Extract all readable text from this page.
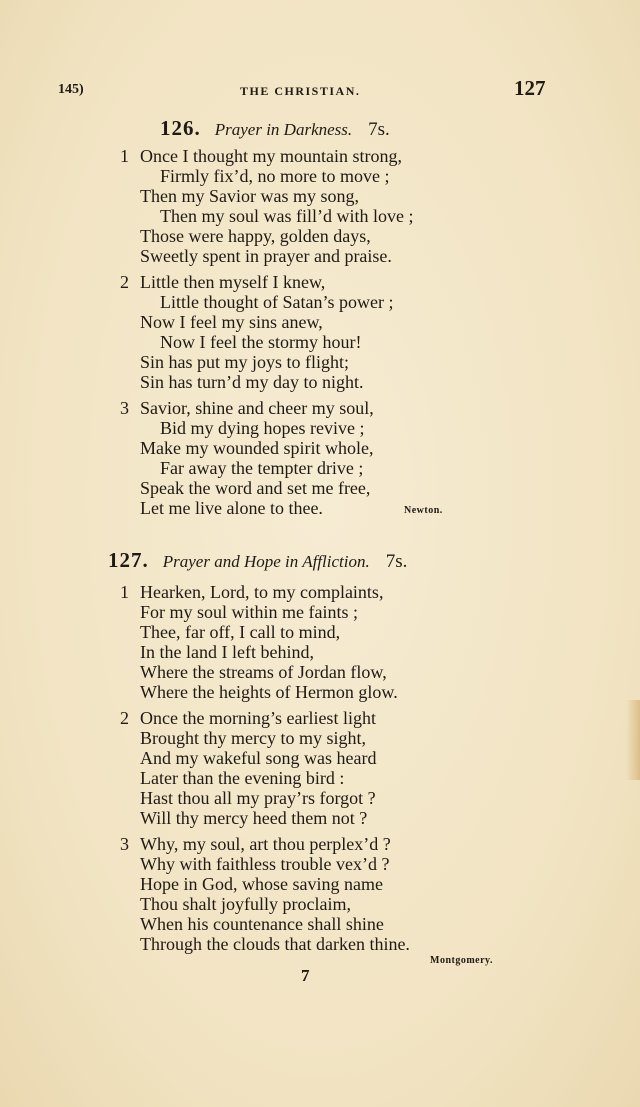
145)	THE CHRISTIAN.	127
126. Prayer in Darkness. 7s.
1 Once I thought my mountain strong,
Firmly fix’d, no more to move ;
Then my Savior was my song,
Then my soul was fill’d with love ;
Those were happy, golden days,
Sweetly spent in prayer and praise.
2 Little then myself I knew,
Little thought of Satan’s power ;
Now I feel my sins anew,
Now I feel the stormy hour!
Sin has put my joys to flight;
Sin has turn’d my day to night.
3 Savior, shine and cheer my soul,
Bid my dying hopes revive ;
Make my wounded spirit whole,
Far away the tempter drive ;
Speak the word and set me free,
Let me live alone to thee.	Newton.
127. Prayer and Hope in Affliction. 7s.
1 Hearken, Lord, to my complaints,
For my soul within me faints ;
Thee, far off, I call to mind,
In the land I left behind,
Where the streams of Jordan flow,
Where the heights of Hermon glow.
2 Once the morning’s earliest light
Brought thy mercy to my sight,
And my wakeful song was heard
Later than the evening bird :
Hast thou all my pray’rs forgot ?
Will thy mercy heed them not ?
3 Why, my soul, art thou perplex’d ?
Why with faithless trouble vex’d ?
Hope in God, whose saving name
Thou shalt joyfully proclaim,
When his countenance shall shine
Through the clouds that darken thine.
Montgomery.
7
